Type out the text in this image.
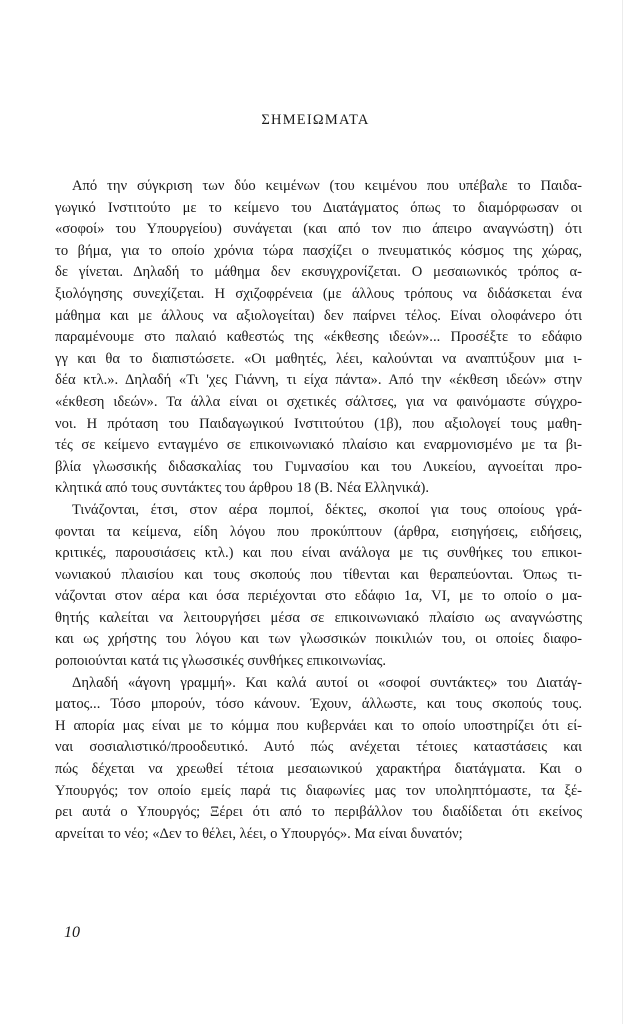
ΣΗΜΕΙΩΜΑΤΑ
Από την σύγκριση των δύο κειμένων (του κειμένου που υπέβαλε το Παιδα-
γωγικό Ινστιτούτο με το κείμενο του Διατάγματος όπως το διαμόρφωσαν οι
«σοφοί» του Υπουργείου) συνάγεται (και από τον πιο άπειρο αναγνώστη) ότι
το βήμα, για το οποίο χρόνια τώρα πασχίζει ο πνευματικός κόσμος της χώρας,
δε γίνεται. Δηλαδή το μάθημα δεν εκσυγχρονίζεται. Ο μεσαιωνικός τρόπος α-
ξιολόγησης συνεχίζεται. Η σχιζοφρένεια (με άλλους τρόπους να διδάσκεται ένα
μάθημα και με άλλους να αξιολογείται) δεν παίρνει τέλος. Είναι ολοφάνερο ότι
παραμένουμε στο παλαιό καθεστώς της «έκθεσης ιδεών»... Προσέξτε το εδάφιο
γγ και θα το διαπιστώσετε. «Οι μαθητές, λέει, καλούνται να αναπτύξουν μια ι-
δέα κτλ.». Δηλαδή «Τι 'χες Γιάννη, τι είχα πάντα». Από την «έκθεση ιδεών» στην
«έκθεση ιδεών». Τα άλλα είναι οι σχετικές σάλτσες, για να φαινόμαστε σύγχρο-
νοι. Η πρόταση του Παιδαγωγικού Ινστιτούτου (1β), που αξιολογεί τους μαθη-
τές σε κείμενο ενταγμένο σε επικοινωνιακό πλαίσιο και εναρμονισμένο με τα βι-
βλία γλωσσικής διδασκαλίας του Γυμνασίου και του Λυκείου, αγνοείται προ-
κλητικά από τους συντάκτες του άρθρου 18 (Β. Νέα Ελληνικά).
Τινάζονται, έτσι, στον αέρα πομποί, δέκτες, σκοποί για τους οποίους γρά-
φονται τα κείμενα, είδη λόγου που προκύπτουν (άρθρα, εισηγήσεις, ειδήσεις,
κριτικές, παρουσιάσεις κτλ.) και που είναι ανάλογα με τις συνθήκες του επικοι-
νωνιακού πλαισίου και τους σκοπούς που τίθενται και θεραπεύονται. Όπως τι-
νάζονται στον αέρα και όσα περιέχονται στο εδάφιο 1α, VI, με το οποίο ο μα-
θητής καλείται να λειτουργήσει μέσα σε επικοινωνιακό πλαίσιο ως αναγνώστης
και ως χρήστης του λόγου και των γλωσσικών ποικιλιών του, οι οποίες διαφο-
ροποιούνται κατά τις γλωσσικές συνθήκες επικοινωνίας.
Δηλαδή «άγονη γραμμή». Και καλά αυτοί οι «σοφοί συντάκτες» του Διατάγ-
ματος... Τόσο μπορούν, τόσο κάνουν. Έχουν, άλλωστε, και τους σκοπούς τους.
Η απορία μας είναι με το κόμμα που κυβερνάει και το οποίο υποστηρίζει ότι εί-
ναι σοσιαλιστικό/προοδευτικό. Αυτό πώς ανέχεται τέτοιες καταστάσεις και
πώς δέχεται να χρεωθεί τέτοια μεσαιωνικού χαρακτήρα διατάγματα. Και ο
Υπουργός; τον οποίο εμείς παρά τις διαφωνίες μας τον υποληπτόμαστε, τα ξέ-
ρει αυτά ο Υπουργός; Ξέρει ότι από το περιβάλλον του διαδίδεται ότι εκείνος
αρνείται το νέο; «Δεν το θέλει, λέει, ο Υπουργός». Μα είναι δυνατόν;
10
